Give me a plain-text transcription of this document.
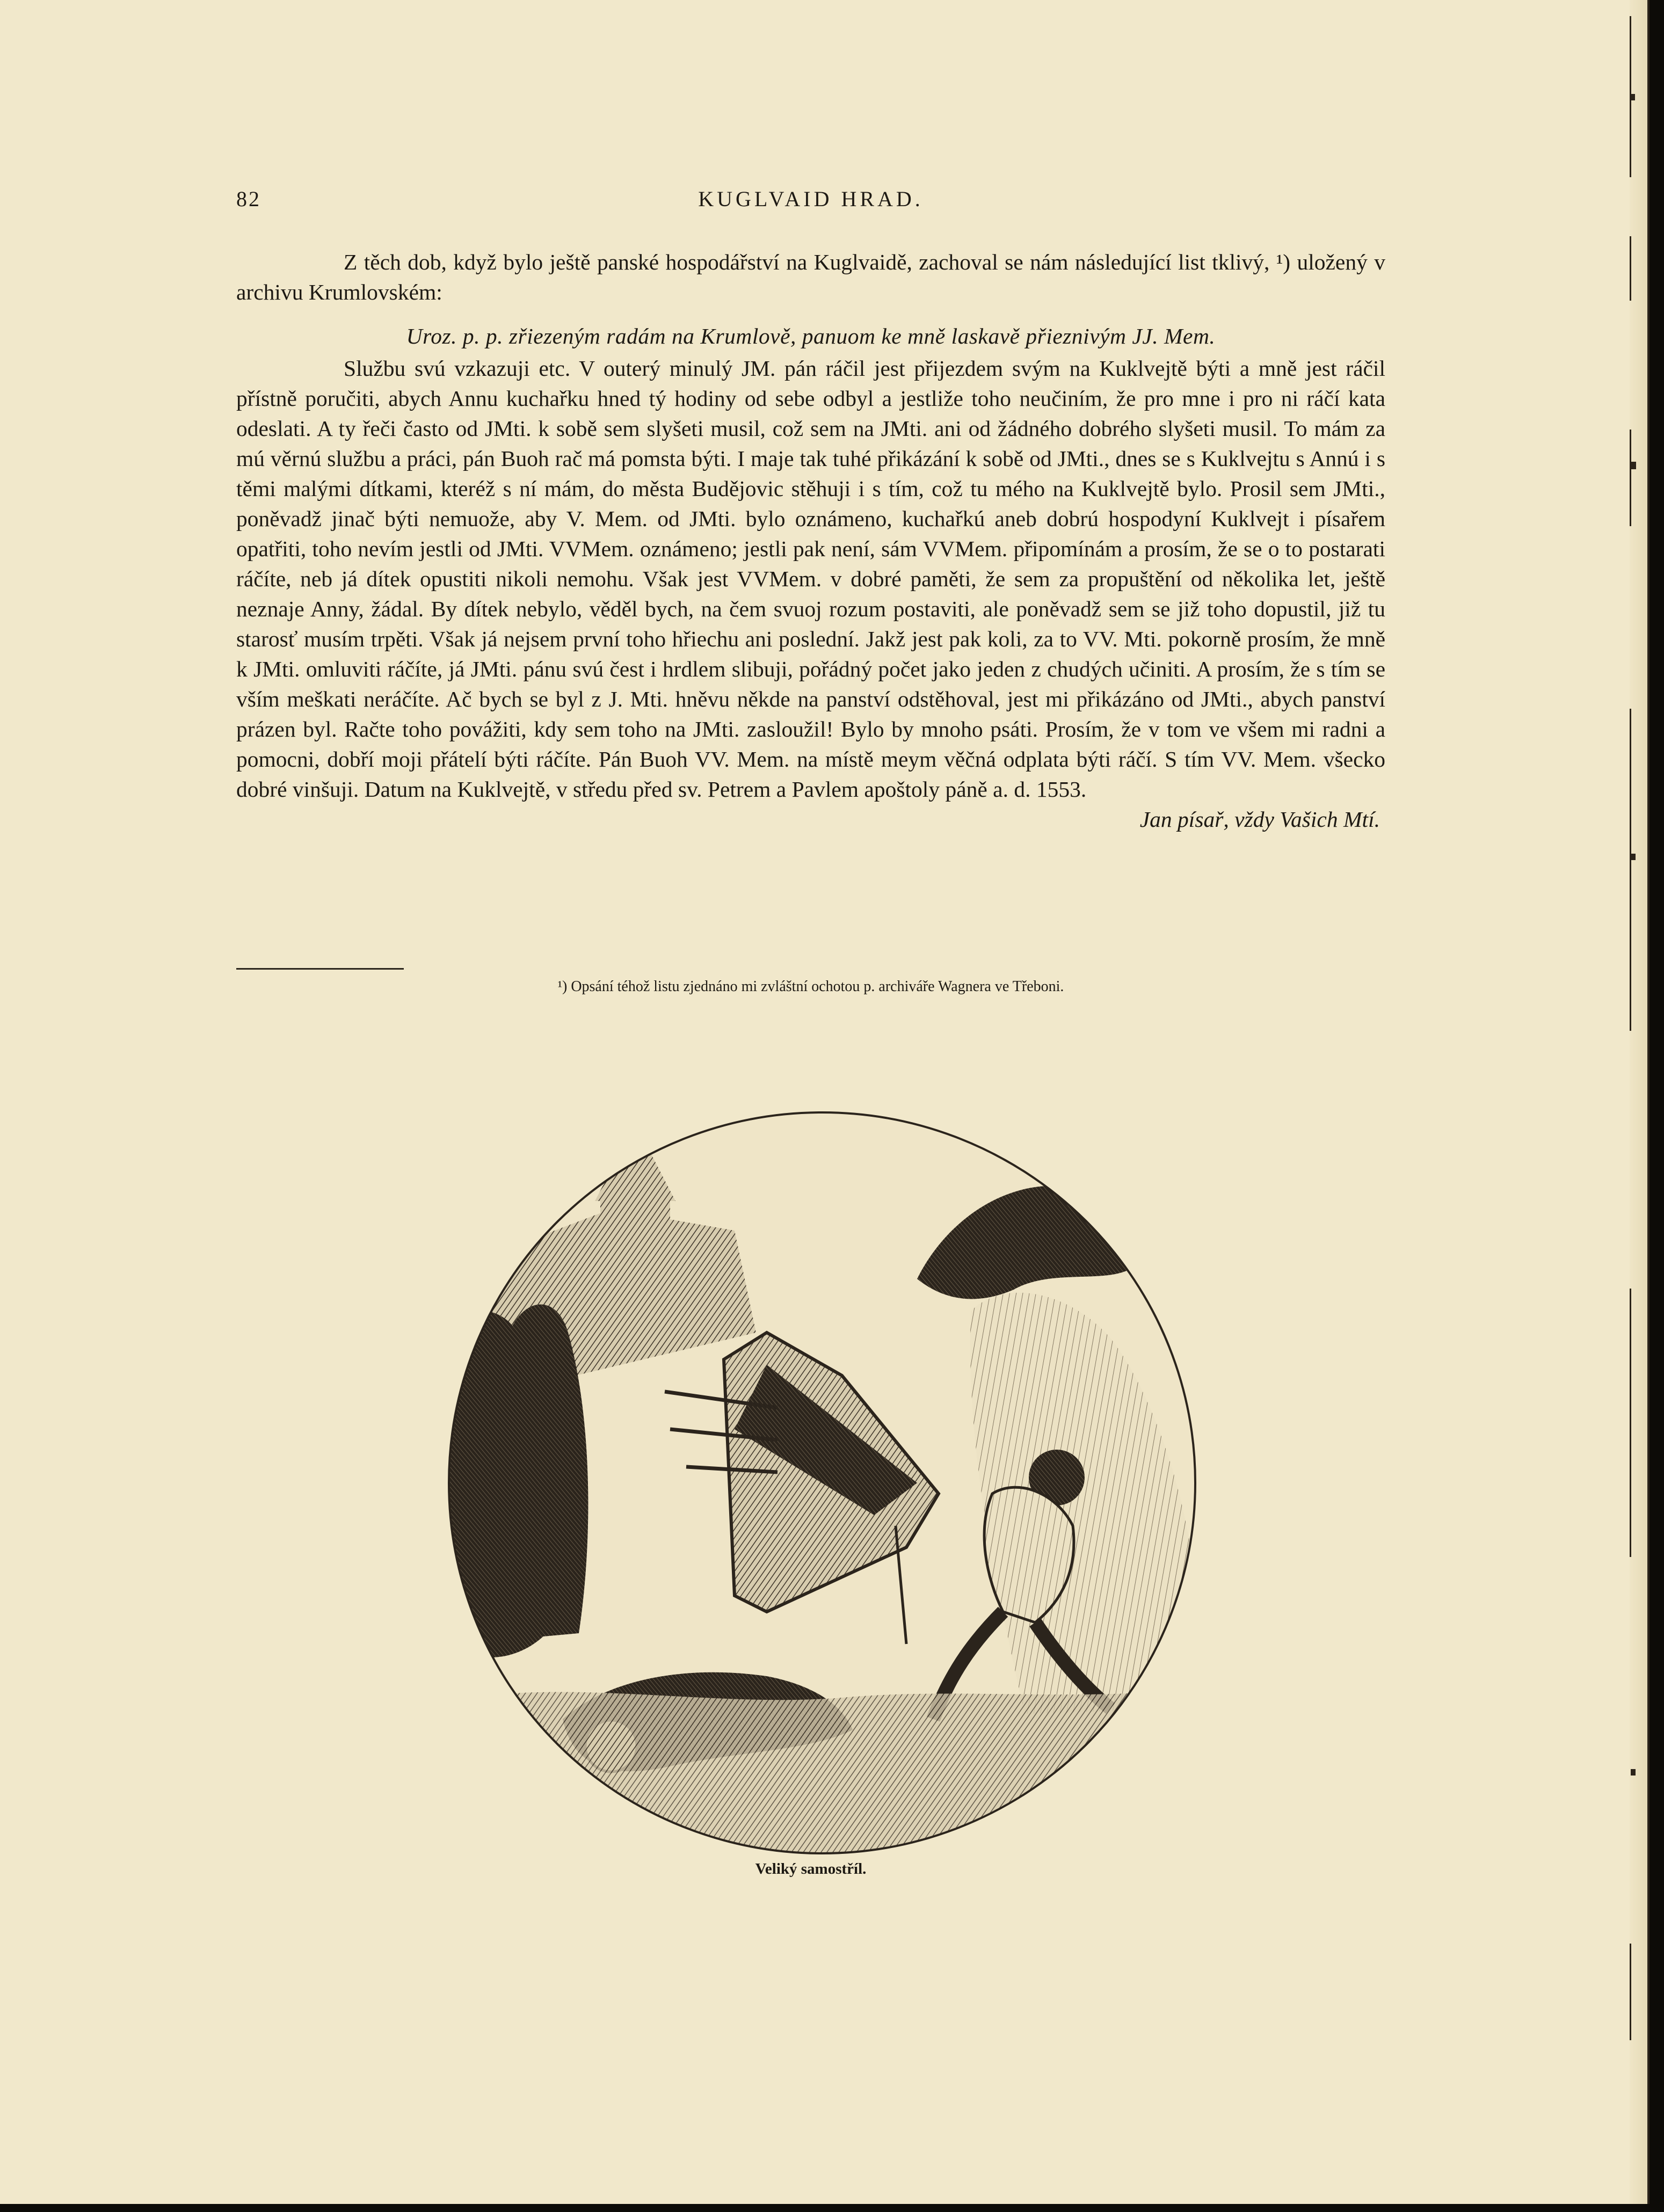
82	KUGLVAID HRAD.

Z těch dob, když bylo ještě panské hospodářství na Kuglvaidě, zachoval se nám následující list tklivý, ¹) uložený v archivu Krumlovském:

Uroz. p. p. zřiezeným radám na Krumlově, panuom ke mně laskavě přieznivým JJ. Mem.

Službu svú vzkazuji etc. V outerý minulý JM. pán ráčil jest přijezdem svým na Kuklvejtě býti a mně jest ráčil přístně poručiti, abych Annu kuchařku hned tý hodiny od sebe odbyl a jestliže toho neučiním, že pro mne i pro ni ráčí kata odeslati. A ty řeči často od JMti. k sobě sem slyšeti musil, což sem na JMti. ani od žádného dobrého slyšeti musil. To mám za mú věrnú službu a práci, pán Buoh rač má pomsta býti. I maje tak tuhé přikázání k sobě od JMti., dnes se s Kuklvejtu s Annú i s těmi malými dítkami, kteréž s ní mám, do města Budějovic stěhuji i s tím, což tu mého na Kuklvejtě bylo. Prosil sem JMti., poněvadž jinač býti nemuože, aby V. Mem. od JMti. bylo oznámeno, kuchařkú aneb dobrú hospodyní Kuklvejt i písařem opatřiti, toho nevím jestli od JMti. VVMem. oznámeno; jestli pak není, sám VVMem. připomínám a prosím, že se o to postarati ráčíte, neb já dítek opustiti nikoli nemohu. Však jest VVMem. v dobré paměti, že sem za propuštění od několika let, ještě neznaje Anny, žádal. By dítek nebylo, věděl bych, na čem svuoj rozum postaviti, ale poněvadž sem se již toho dopustil, již tu starosť musím trpěti. Však já nejsem první toho hřiechu ani poslední. Jakž jest pak koli, za to VV. Mti. pokorně prosím, že mně k JMti. omluviti ráčíte, já JMti. pánu svú čest i hrdlem slibuji, pořádný počet jako jeden z chudých učiniti. A prosím, že s tím se vším meškati neráčíte. Ač bych se byl z J. Mti. hněvu někde na panství odstěhoval, jest mi přikázáno od JMti., abych panství prázen byl. Račte toho povážiti, kdy sem toho na JMti. zasloužil! Bylo by mnoho psáti. Prosím, že v tom ve všem mi radni a pomocni, dobří moji přátelí býti ráčíte. Pán Buoh VV. Mem. na místě meym věčná odplata býti ráčí. S tím VV. Mem. všecko dobré vinšuji. Datum na Kuklvejtě, v středu před sv. Petrem a Pavlem apoštoly páně a. d. 1553.

Jan písař, vždy Vašich Mtí.

¹) Opsání téhož listu zjednáno mi zvláštní ochotou p. archiváře Wagnera ve Třeboni.
Veliký samostříl.
